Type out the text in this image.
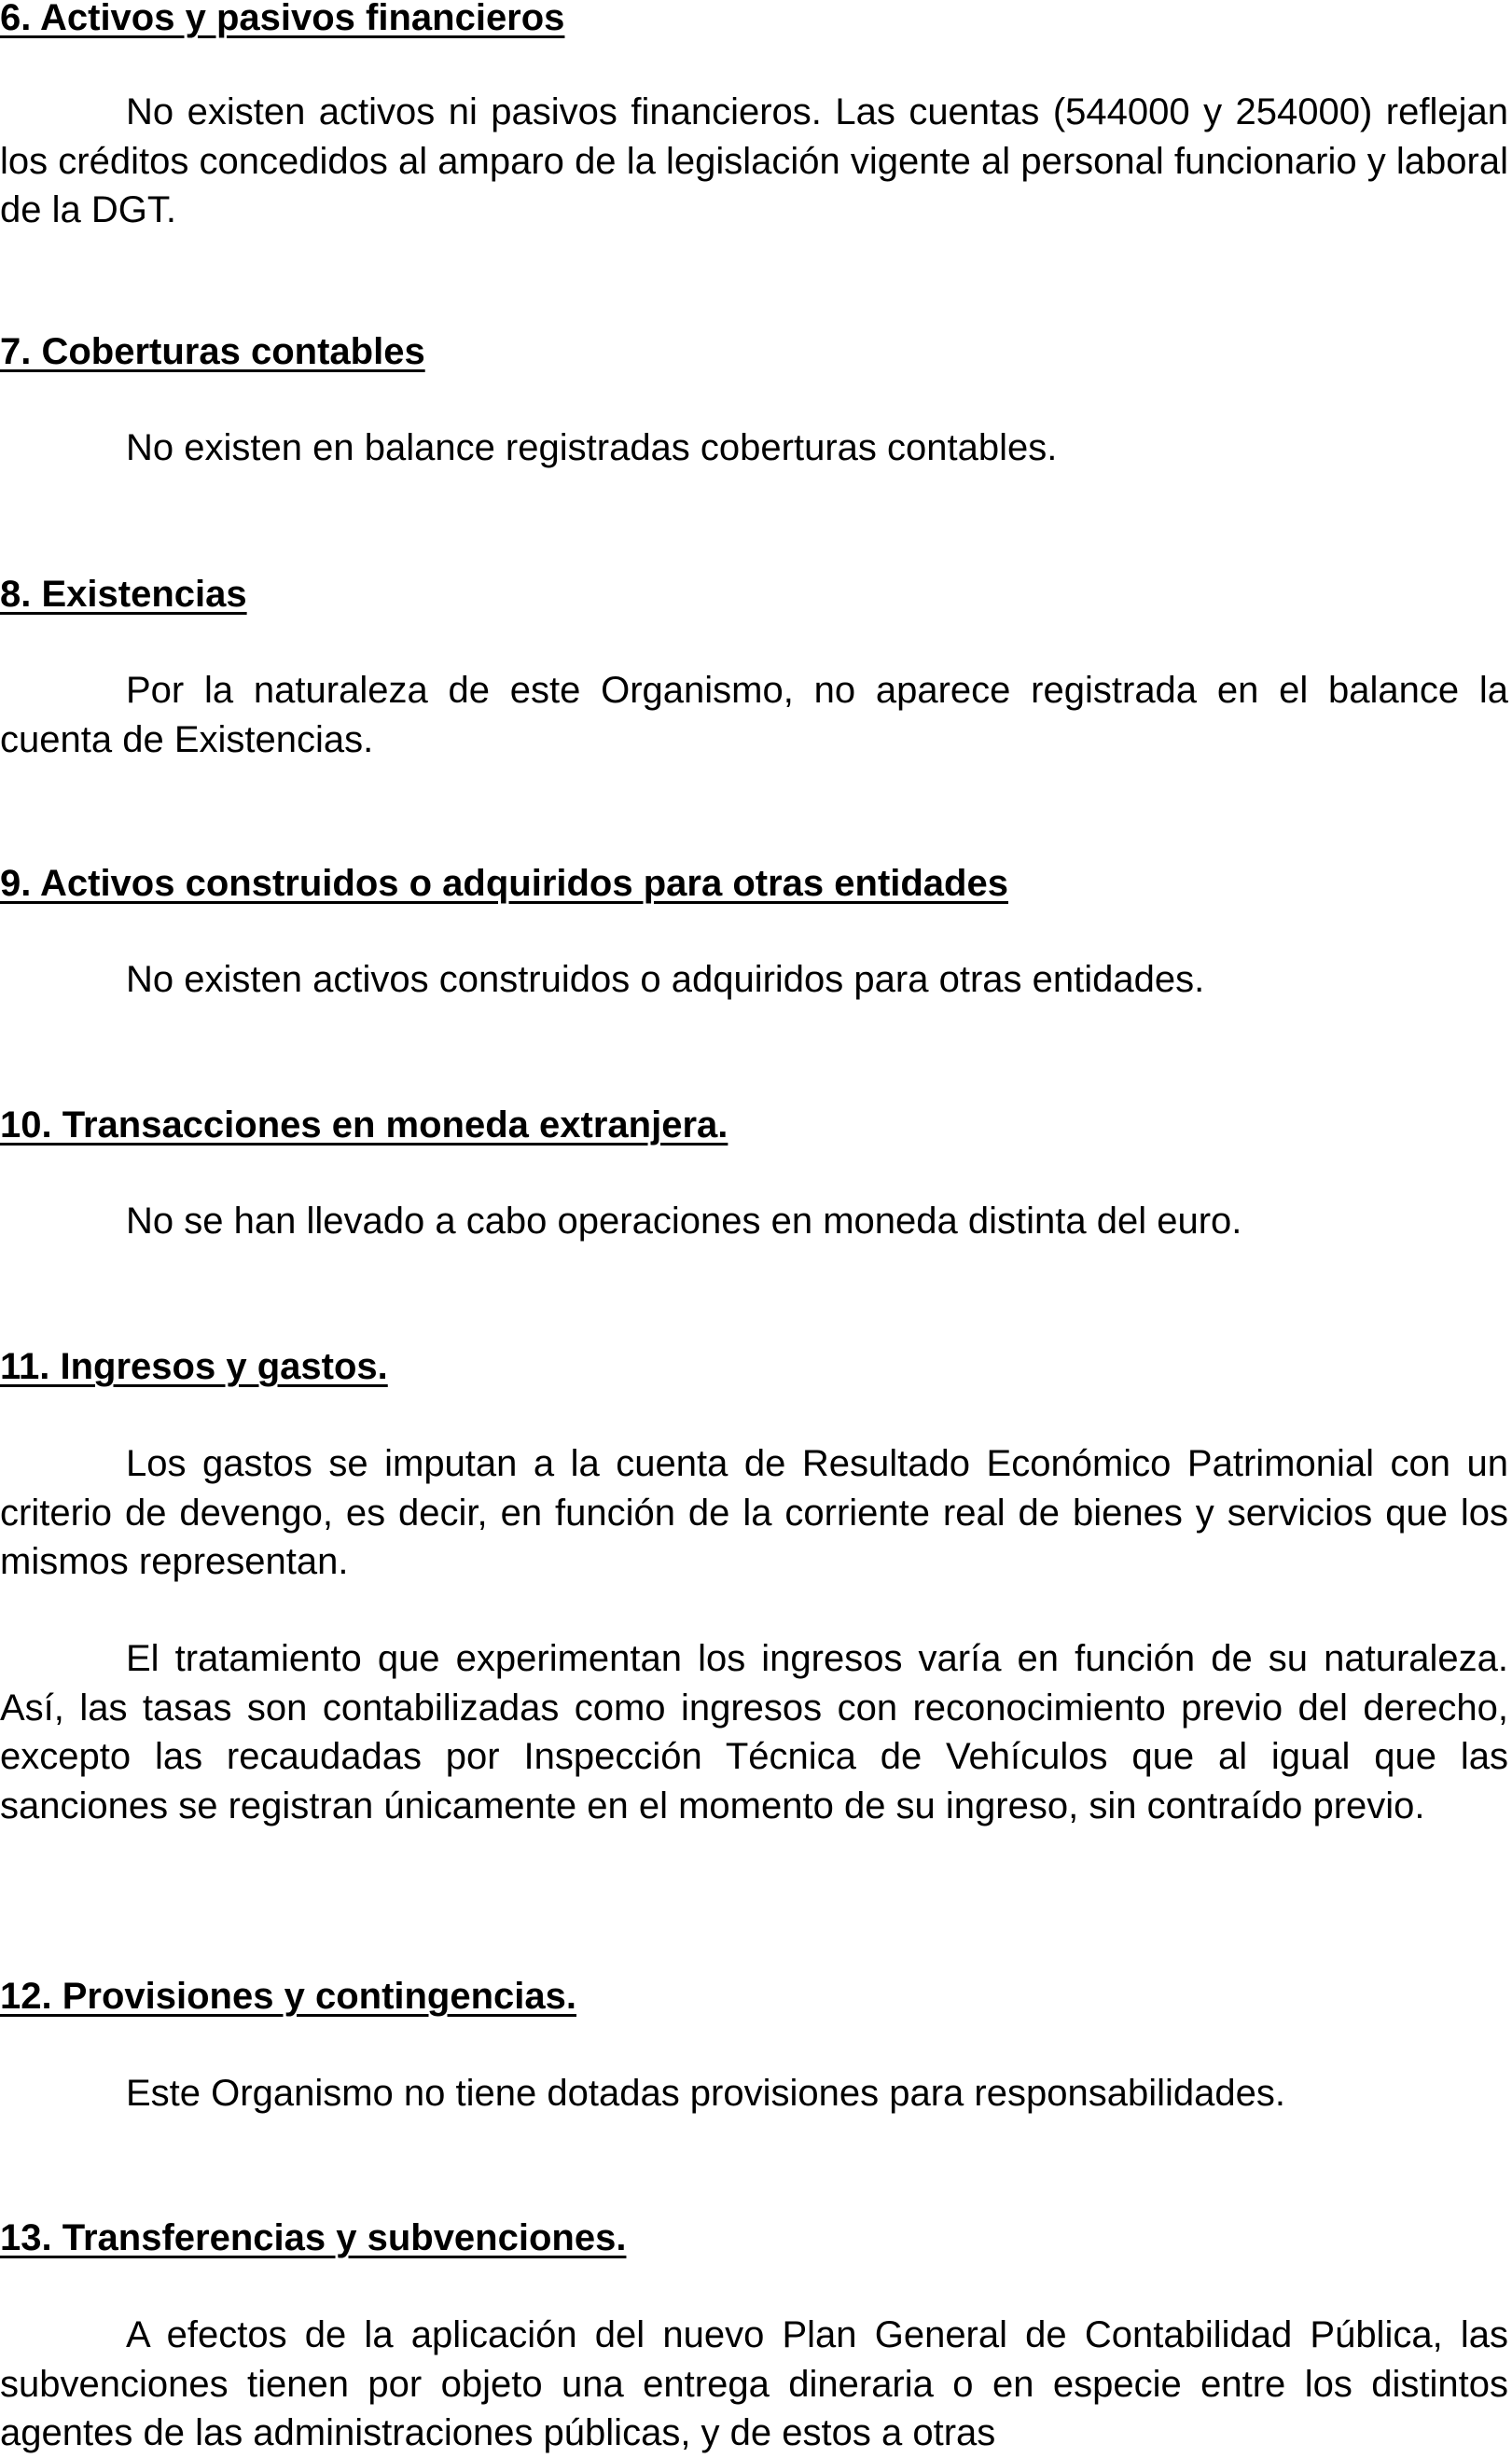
6. Activos y pasivos financieros

No existen activos ni pasivos financieros. Las cuentas (544000 y 254000) reflejan los créditos concedidos al amparo de la legislación vigente al personal funcionario y laboral de la DGT.

7. Coberturas contables

No existen en balance registradas coberturas contables.

8. Existencias

Por la naturaleza de este Organismo, no aparece registrada en el balance la cuenta de Existencias.

9. Activos construidos o adquiridos para otras entidades

No existen activos construidos o adquiridos para otras entidades.

10. Transacciones en moneda extranjera.

No se han llevado a cabo operaciones en moneda distinta del euro.

11. Ingresos y gastos.

Los gastos se imputan a la cuenta de Resultado Económico Patrimonial con un criterio de devengo, es decir, en función de la corriente real de bienes y servicios que los mismos representan.

El tratamiento que experimentan los ingresos varía en función de su naturaleza. Así, las tasas son contabilizadas como ingresos con reconocimiento previo del derecho, excepto las recaudadas por Inspección Técnica de Vehículos que al igual que las sanciones se registran únicamente en el momento de su ingreso, sin contraído previo.

12. Provisiones y contingencias.

Este Organismo no tiene dotadas provisiones para responsabilidades.

13. Transferencias y subvenciones.

A efectos de la aplicación del nuevo Plan General de Contabilidad Pública, las subvenciones tienen por objeto una entrega dineraria o en especie entre los distintos agentes de las administraciones públicas, y de estos a otras
